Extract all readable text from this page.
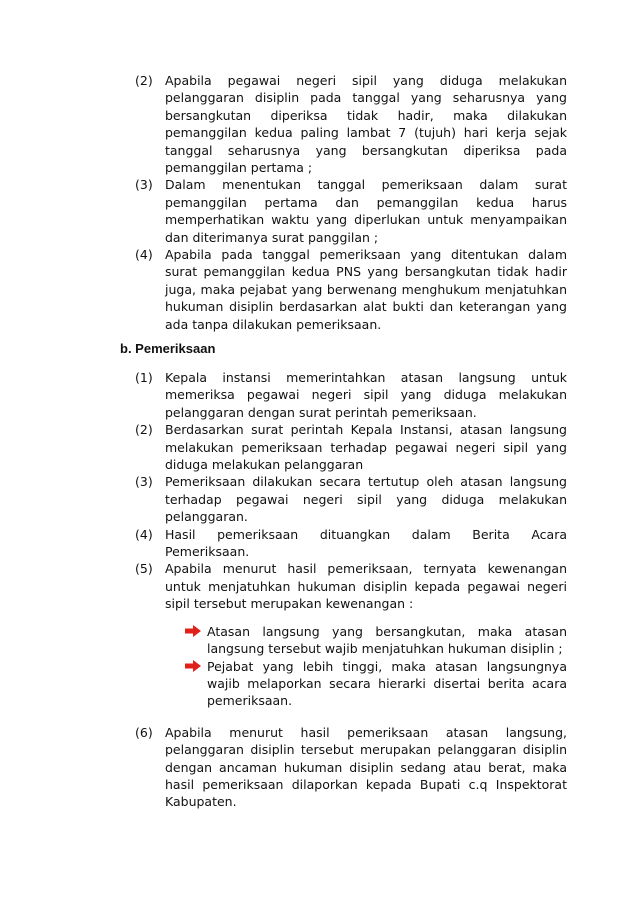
(2) Apabila pegawai negeri sipil yang diduga melakukan pelanggaran disiplin pada tanggal yang seharusnya yang bersangkutan diperiksa tidak hadir, maka dilakukan pemanggilan kedua paling lambat 7 (tujuh) hari kerja sejak tanggal seharusnya yang bersangkutan diperiksa pada pemanggilan pertama ;
(3) Dalam menentukan tanggal pemeriksaan dalam surat pemanggilan pertama dan pemanggilan kedua harus memperhatikan waktu yang diperlukan untuk menyampaikan dan diterimanya surat panggilan ;
(4) Apabila pada tanggal pemeriksaan yang ditentukan dalam surat pemanggilan kedua PNS yang bersangkutan tidak hadir juga, maka pejabat yang berwenang menghukum menjatuhkan hukuman disiplin berdasarkan alat bukti dan keterangan yang ada tanpa dilakukan pemeriksaan.
b. Pemeriksaan
(1) Kepala instansi memerintahkan atasan langsung untuk memeriksa pegawai negeri sipil yang diduga melakukan pelanggaran dengan surat perintah pemeriksaan.
(2) Berdasarkan surat perintah Kepala Instansi, atasan langsung melakukan pemeriksaan terhadap pegawai negeri sipil yang diduga melakukan pelanggaran
(3) Pemeriksaan dilakukan secara tertutup oleh atasan langsung terhadap pegawai negeri sipil yang diduga melakukan pelanggaran.
(4) Hasil pemeriksaan dituangkan dalam Berita Acara Pemeriksaan.
(5) Apabila menurut hasil pemeriksaan, ternyata kewenangan untuk menjatuhkan hukuman disiplin kepada pegawai negeri sipil tersebut merupakan kewenangan :
Atasan langsung yang bersangkutan, maka atasan langsung tersebut wajib menjatuhkan hukuman disiplin ;
Pejabat yang lebih tinggi, maka atasan langsungnya wajib melaporkan secara hierarki disertai berita acara pemeriksaan.
(6) Apabila menurut hasil pemeriksaan atasan langsung, pelanggaran disiplin tersebut merupakan pelanggaran disiplin dengan ancaman hukuman disiplin sedang atau berat, maka hasil pemeriksaan dilaporkan kepada Bupati c.q Inspektorat Kabupaten.
